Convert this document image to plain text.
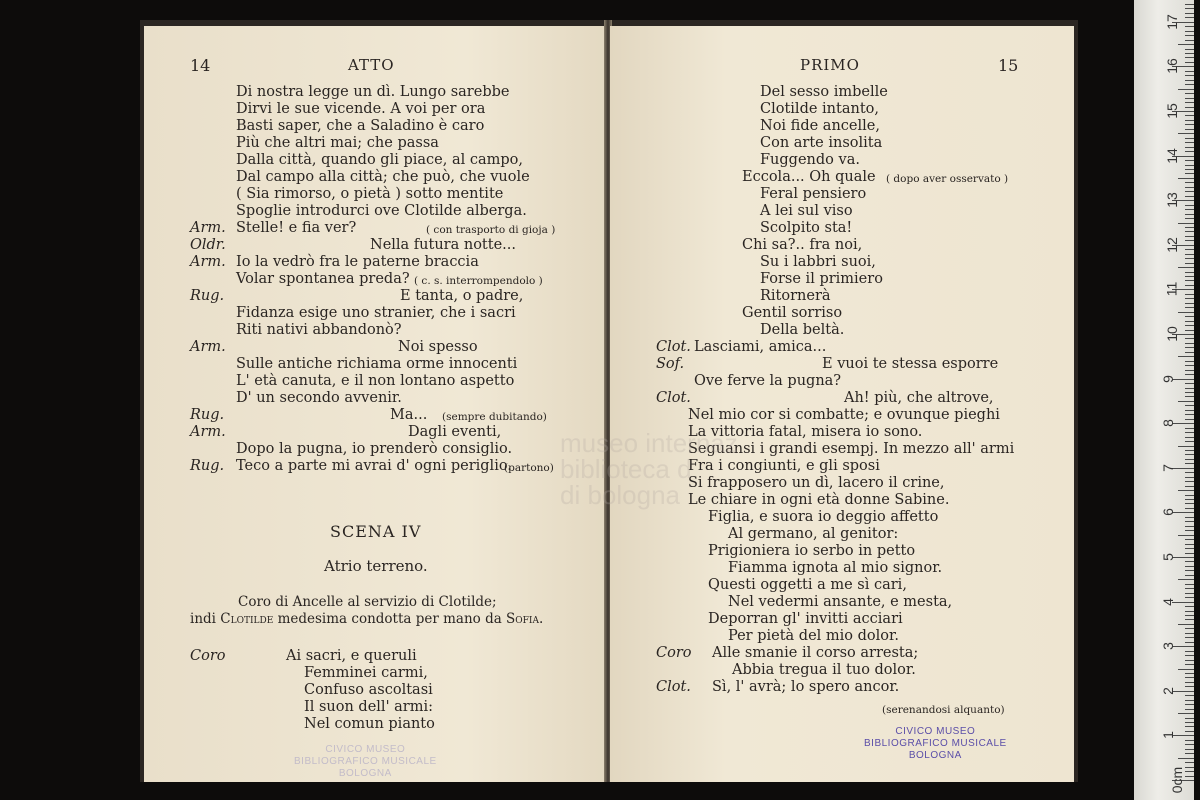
14	ATTO
SCENA IV
Atrio terreno.
Coro di Ancelle al servizio di Clotilde;
indi Clotilde medesima condotta per mano da Sofia.
Coro
CIVICO MUSEO
BIBLIOGRAFICO MUSICALE
BOLOGNA
Di nostra legge un dì. Lungo sarebbe
Dirvi le sue vicende. A voi per ora
Basti saper, che a Saladino è caro
Più che altri mai; che passa
Dalla città, quando gli piace, al campo,
Dal campo alla città; che può, che vuole
( Sia rimorso, o pietà ) sotto mentite
Spoglie introdurci ove Clotilde alberga.
Arm. Stelle! e fia ver?	( con trasporto di gioja )
Oldr.	Nella futura notte...
Arm. Io la vedrò fra le paterne braccia
Volar spontanea preda? ( c. s. interrompendolo )
Rug.	E tanta, o padre,
Fidanza esige uno stranier, che i sacri
Riti nativi abbandonò?
Arm.	Noi spesso
Sulle antiche richiama orme innocenti
L' età canuta, e il non lontano aspetto
D' un secondo avvenir.
Rug.	Ma... (sempre dubitando)
Arm.	Dagli eventi,
Dopo la pugna, io prenderò consiglio.
Rug. Teco a parte mi avrai d' ogni periglio.
(partono)
Ai sacri, e queruli
Femminei carmi,
Confuso ascoltasi
Il suon dell' armi:
Nel comun pianto
PRIMO	15
CIVICO MUSEO
BIBLIOGRAFICO MUSICALE
BOLOGNA
Del sesso imbelle
Clotilde intanto,
Noi fide ancelle,
Con arte insolita
Fuggendo va.
Eccola... Oh quale ( dopo aver osservato )
Feral pensiero
A lei sul viso
Scolpito sta!
Chi sa?.. fra noi,
Su i labbri suoi,
Forse il primiero
Ritornerà
Gentil sorriso
Della beltà.
Clot. Lasciami, amica...
Sof.	E vuoi te stessa esporre
Ove ferve la pugna?
Clot.	Ah! più, che altrove,
Nel mio cor si combatte; e ovunque pieghi
La vittoria fatal, misera io sono.
Seguansi i grandi esempj. In mezzo all' armi
Fra i congiunti, e gli sposi
Si frapposero un dì, lacero il crine,
Le chiare in ogni età donne Sabine.
Figlia, e suora io deggio affetto
Al germano, al genitor:
Prigioniera io serbo in petto
Fiamma ignota al mio signor.
Questi oggetti a me sì cari,
Nel vedermi ansante, e mesta,
Deporran gl' invitti acciari
Per pietà del mio dolor.
Coro Alle smanie il corso arresta;
Abbia tregua il tuo dolor.
Clot. Sì, l' avrà; lo spero ancor.
(serenandosi alquanto)
museo internaz
biblioteca d
di bologna
17
16
15
14
13
12
11
10
9
8
7
6
5
4
3
2
1
0cm
